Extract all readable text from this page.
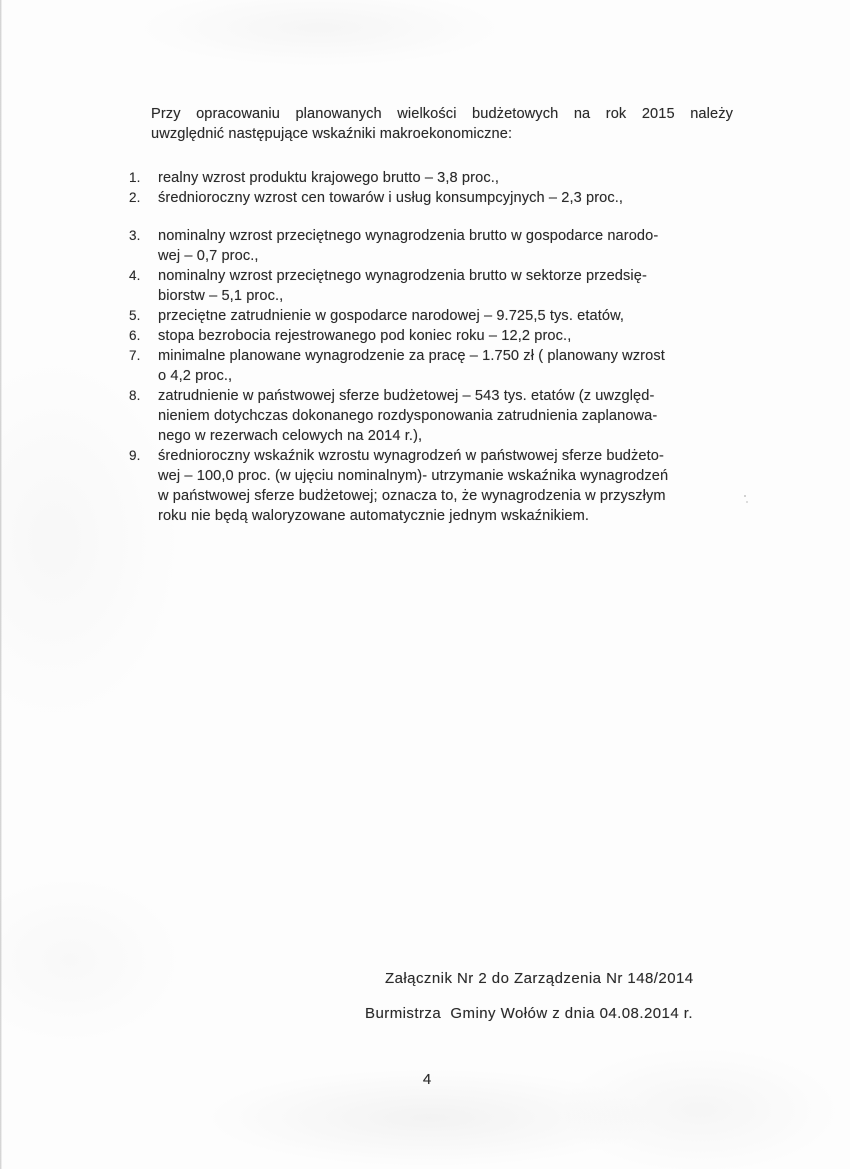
Przy opracowaniu planowanych wielkości budżetowych na rok 2015 należy
uwzględnić następujące wskaźniki makroekonomiczne:
1.	realny wzrost produktu krajowego brutto – 3,8 proc.,
2.	średnioroczny wzrost cen towarów i usług konsumpcyjnych – 2,3 proc.,
3.	nominalny wzrost przeciętnego wynagrodzenia brutto w gospodarce narodo-
wej – 0,7 proc.,
4.	nominalny wzrost przeciętnego wynagrodzenia brutto w sektorze przedsię-
biorstw – 5,1 proc.,
5.	przeciętne zatrudnienie w gospodarce narodowej – 9.725,5 tys. etatów,
6.	stopa bezrobocia rejestrowanego pod koniec roku – 12,2 proc.,
7.	minimalne planowane wynagrodzenie za pracę – 1.750 zł ( planowany wzrost
o 4,2 proc.,
8.	zatrudnienie w państwowej sferze budżetowej – 543 tys. etatów (z uwzględ-
nieniem dotychczas dokonanego rozdysponowania zatrudnienia zaplanowa-
nego w rezerwach celowych na 2014 r.),
9.	średnioroczny wskaźnik wzrostu wynagrodzeń w państwowej sferze budżeto-
wej – 100,0 proc. (w ujęciu nominalnym)- utrzymanie wskaźnika wynagrodzeń
w państwowej sferze budżetowej; oznacza to, że wynagrodzenia w przyszłym
roku nie będą waloryzowane automatycznie jednym wskaźnikiem.
Załącznik Nr 2 do Zarządzenia Nr 148/2014
Burmistrza  Gminy Wołów z dnia 04.08.2014 r.
4
